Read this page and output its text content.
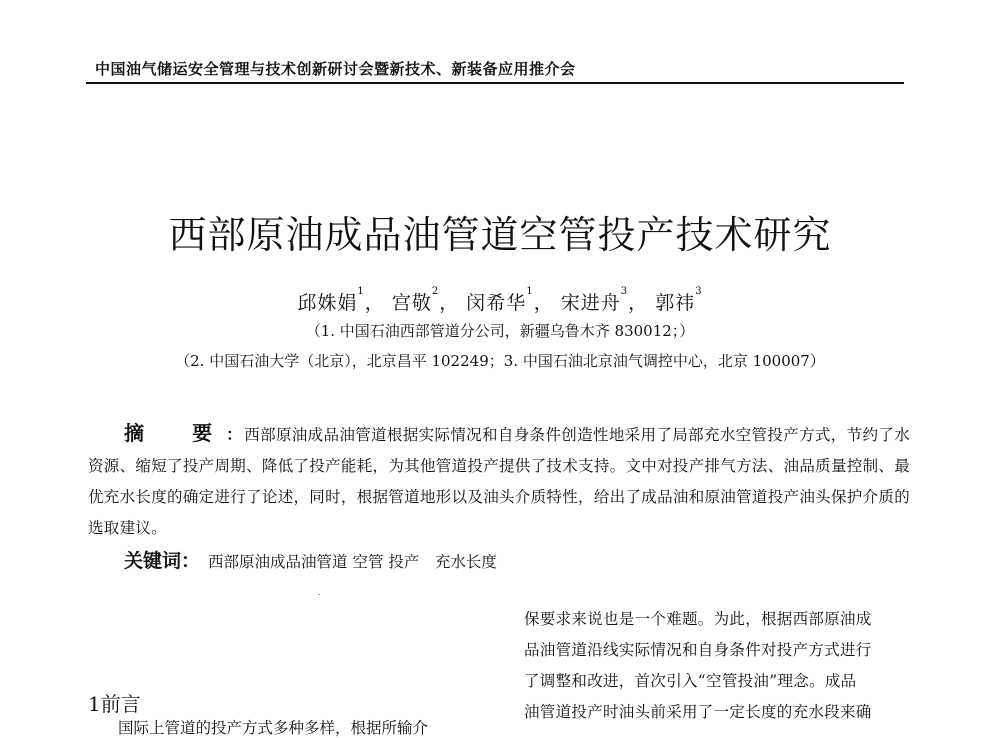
中国油气储运安全管理与技术创新研讨会暨新技术、新装备应用推介会
西部原油成品油管道空管投产技术研究
邱姝娟$^1$， 宫敬$^2$， 闵希华$^1$， 宋进舟$^3$， 郭祎$^3$
（1. 中国石油西部管道分公司，新疆乌鲁木齐 830012；）
（2. 中国石油大学（北京），北京昌平 102249；3. 中国石油北京油气调控中心，北京 100007）
摘　要： 西部原油成品油管道根据实际情况和自身条件创造性地采用了局部充水空管投产方式，节约了水资源、缩短了投产周期、降低了投产能耗，为其他管道投产提供了技术支持。文中对投产排气方法、油品质量控制、最优充水长度的确定进行了论述，同时，根据管道地形以及油头介质特性，给出了成品油和原油管道投产油头保护介质的选取建议。
关键词： 西部原油成品油管道 空管 投产　充水长度
保要求来说也是一个难题。为此，根据西部原油成
品油管道沿线实际情况和自身条件对投产方式进行
了调整和改进，首次引入“空管投油”理念。成品
油管道投产时油头前采用了一定长度的充水段来确
1前言
国际上管道的投产方式多种多样，根据所输介
